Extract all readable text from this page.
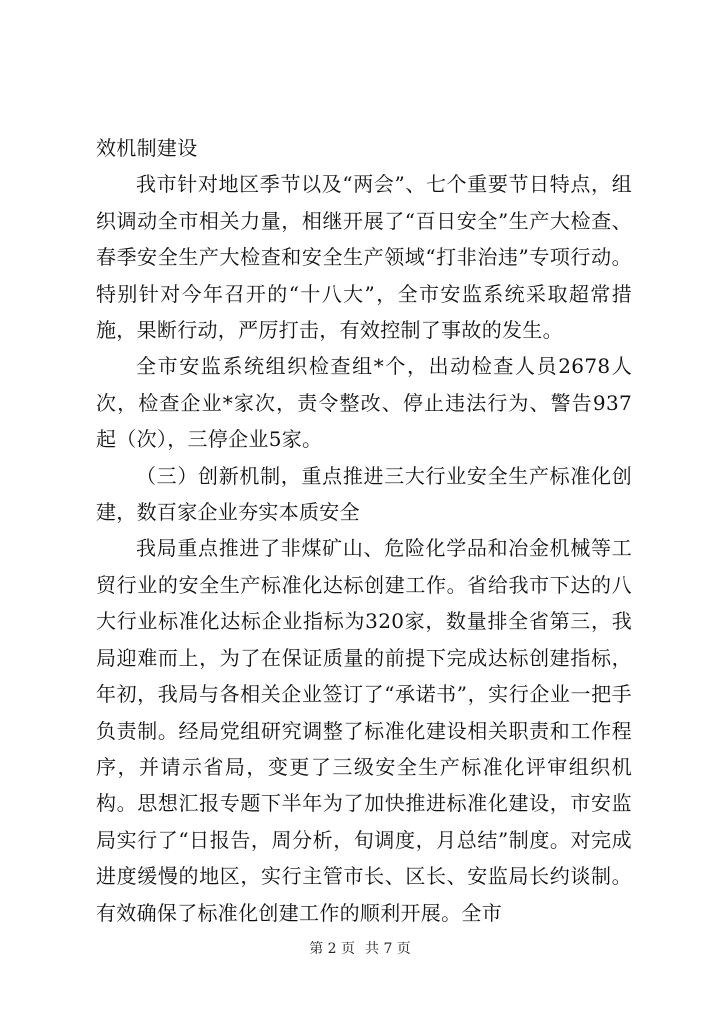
效机制建设

我市针对地区季节以及“两会”、七个重要节日特点，组织调动全市相关力量，相继开展了“百日安全”生产大检查、春季安全生产大检查和安全生产领域“打非治违”专项行动。特别针对今年召开的“十八大”，全市安监系统采取超常措施，果断行动，严厉打击，有效控制了事故的发生。

全市安监系统组织检查组*个，出动检查人员2678人次，检查企业*家次，责令整改、停止违法行为、警告937起（次），三停企业5家。

（三）创新机制，重点推进三大行业安全生产标准化创建，数百家企业夯实本质安全

我局重点推进了非煤矿山、危险化学品和冶金机械等工贸行业的安全生产标准化达标创建工作。省给我市下达的八大行业标准化达标企业指标为320家，数量排全省第三，我局迎难而上，为了在保证质量的前提下完成达标创建指标，年初，我局与各相关企业签订了“承诺书”，实行企业一把手负责制。经局党组研究调整了标准化建设相关职责和工作程序，并请示省局，变更了三级安全生产标准化评审组织机构。思想汇报专题下半年为了加快推进标准化建设，市安监局实行了“日报告，周分析，旬调度，月总结”制度。对完成进度缓慢的地区，实行主管市长、区长、安监局长约谈制。有效确保了标准化创建工作的顺利开展。全市

第 2 页 共 7 页
